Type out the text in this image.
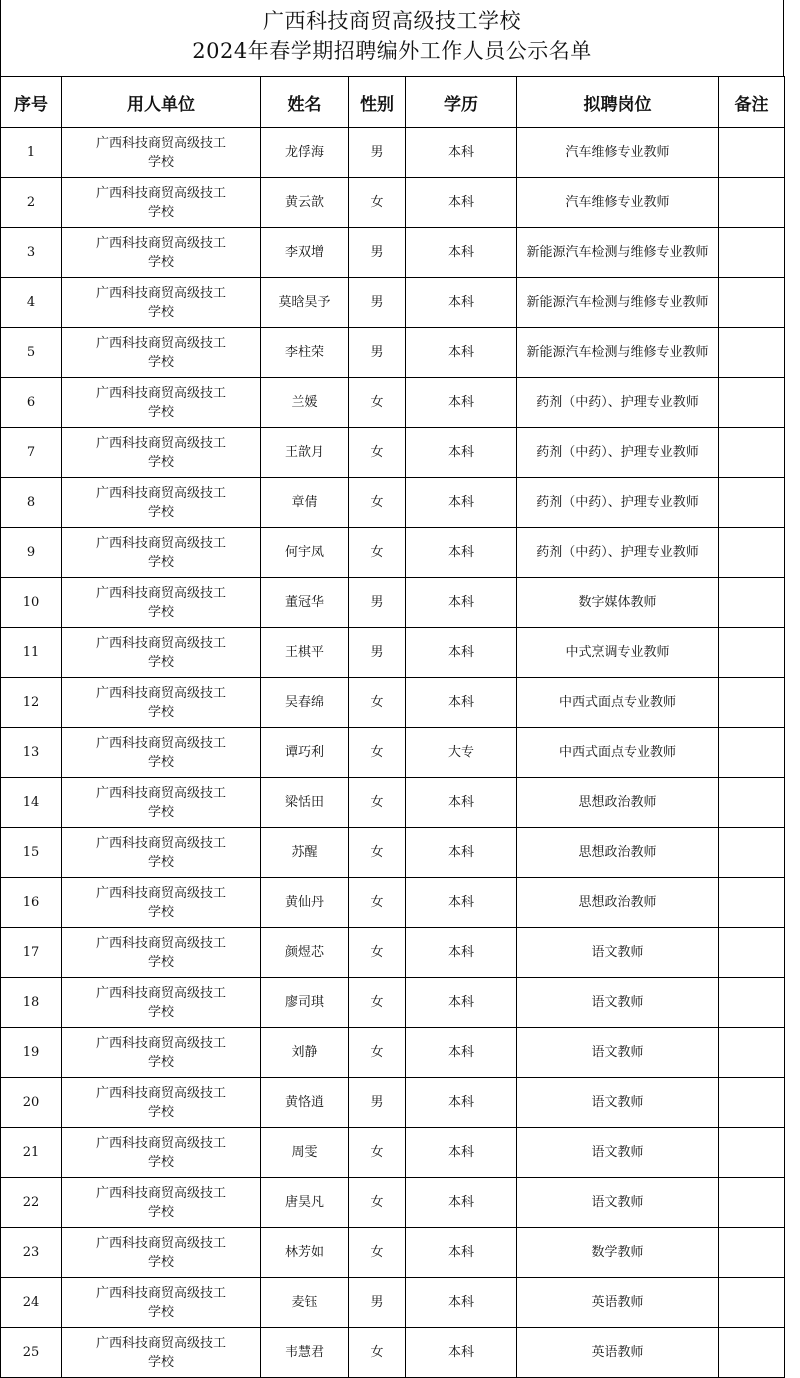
广西科技商贸高级技工学校
2024年春学期招聘编外工作人员公示名单
序号	用人单位	姓名	性别	学历	拟聘岗位	备注
1	广西科技商贸高级技工学校	龙俘海	男	本科	汽车维修专业教师	
2	广西科技商贸高级技工学校	黄云歆	女	本科	汽车维修专业教师	
3	广西科技商贸高级技工学校	李双增	男	本科	新能源汽车检测与维修专业教师	
4	广西科技商贸高级技工学校	莫晗昊予	男	本科	新能源汽车检测与维修专业教师	
5	广西科技商贸高级技工学校	李柱荣	男	本科	新能源汽车检测与维修专业教师	
6	广西科技商贸高级技工学校	兰媛	女	本科	药剂（中药）、护理专业教师	
7	广西科技商贸高级技工学校	王歆月	女	本科	药剂（中药）、护理专业教师	
8	广西科技商贸高级技工学校	章倩	女	本科	药剂（中药）、护理专业教师	
9	广西科技商贸高级技工学校	何宇凤	女	本科	药剂（中药）、护理专业教师	
10	广西科技商贸高级技工学校	董冠华	男	本科	数字媒体教师	
11	广西科技商贸高级技工学校	王棋平	男	本科	中式烹调专业教师	
12	广西科技商贸高级技工学校	吴春绵	女	本科	中西式面点专业教师	
13	广西科技商贸高级技工学校	谭巧利	女	大专	中西式面点专业教师	
14	广西科技商贸高级技工学校	梁恬田	女	本科	思想政治教师	
15	广西科技商贸高级技工学校	苏醒	女	本科	思想政治教师	
16	广西科技商贸高级技工学校	黄仙丹	女	本科	思想政治教师	
17	广西科技商贸高级技工学校	颜煜芯	女	本科	语文教师	
18	广西科技商贸高级技工学校	廖司琪	女	本科	语文教师	
19	广西科技商贸高级技工学校	刘静	女	本科	语文教师	
20	广西科技商贸高级技工学校	黄恪逍	男	本科	语文教师	
21	广西科技商贸高级技工学校	周雯	女	本科	语文教师	
22	广西科技商贸高级技工学校	唐昊凡	女	本科	语文教师	
23	广西科技商贸高级技工学校	林芳如	女	本科	数学教师	
24	广西科技商贸高级技工学校	麦钰	男	本科	英语教师	
25	广西科技商贸高级技工学校	韦慧君	女	本科	英语教师	
